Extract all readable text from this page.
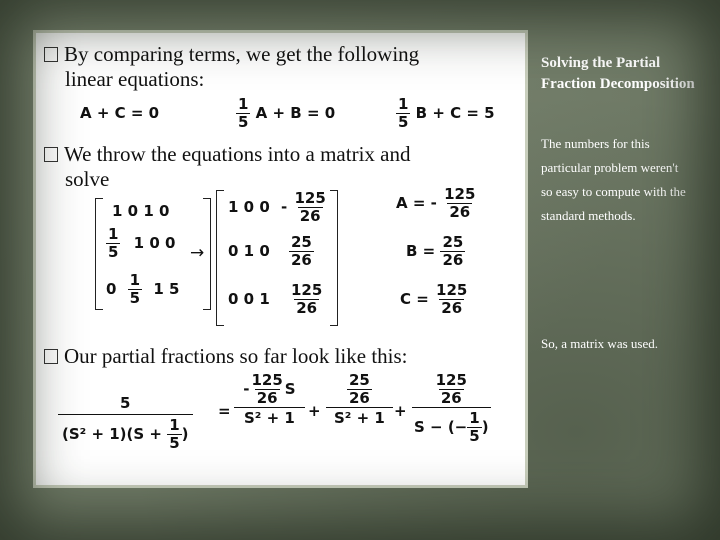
By comparing terms, we get the following
linear equations:
A + C = 0	$\frac{1}{5}$ A + B = 0	$\frac{1}{5}$ B + C = 5
We throw the equations into a matrix and
solve
1 0 1 0
$\frac{1}{5} 1$ 0 0
$0 \frac{1}{5} 1$ 5
→
1 0 $0 - \frac{125}{26}$
0 1 $0 \frac{25}{26}$
0 0 $1 \frac{125}{26}$
A = - $\frac{125}{26}$
$B = \frac{25}{26}$
$C = \frac{125}{26}$
Our partial fractions so far look like this:
$\frac{5}{(S^2 + 1)(S + \frac{1}{5} )} = \frac{- \frac{125}{26} S}{\text{S² + 1}} + \frac{\frac{25}{26}}{\text{S² + 1}} + \frac{\frac{125}{26}}{S - (- \frac{1}{5} )}$
Solving the Partial Fraction Decomposition
The numbers for this particular problem weren't so easy to compute with the standard methods.
So, a matrix was used.
